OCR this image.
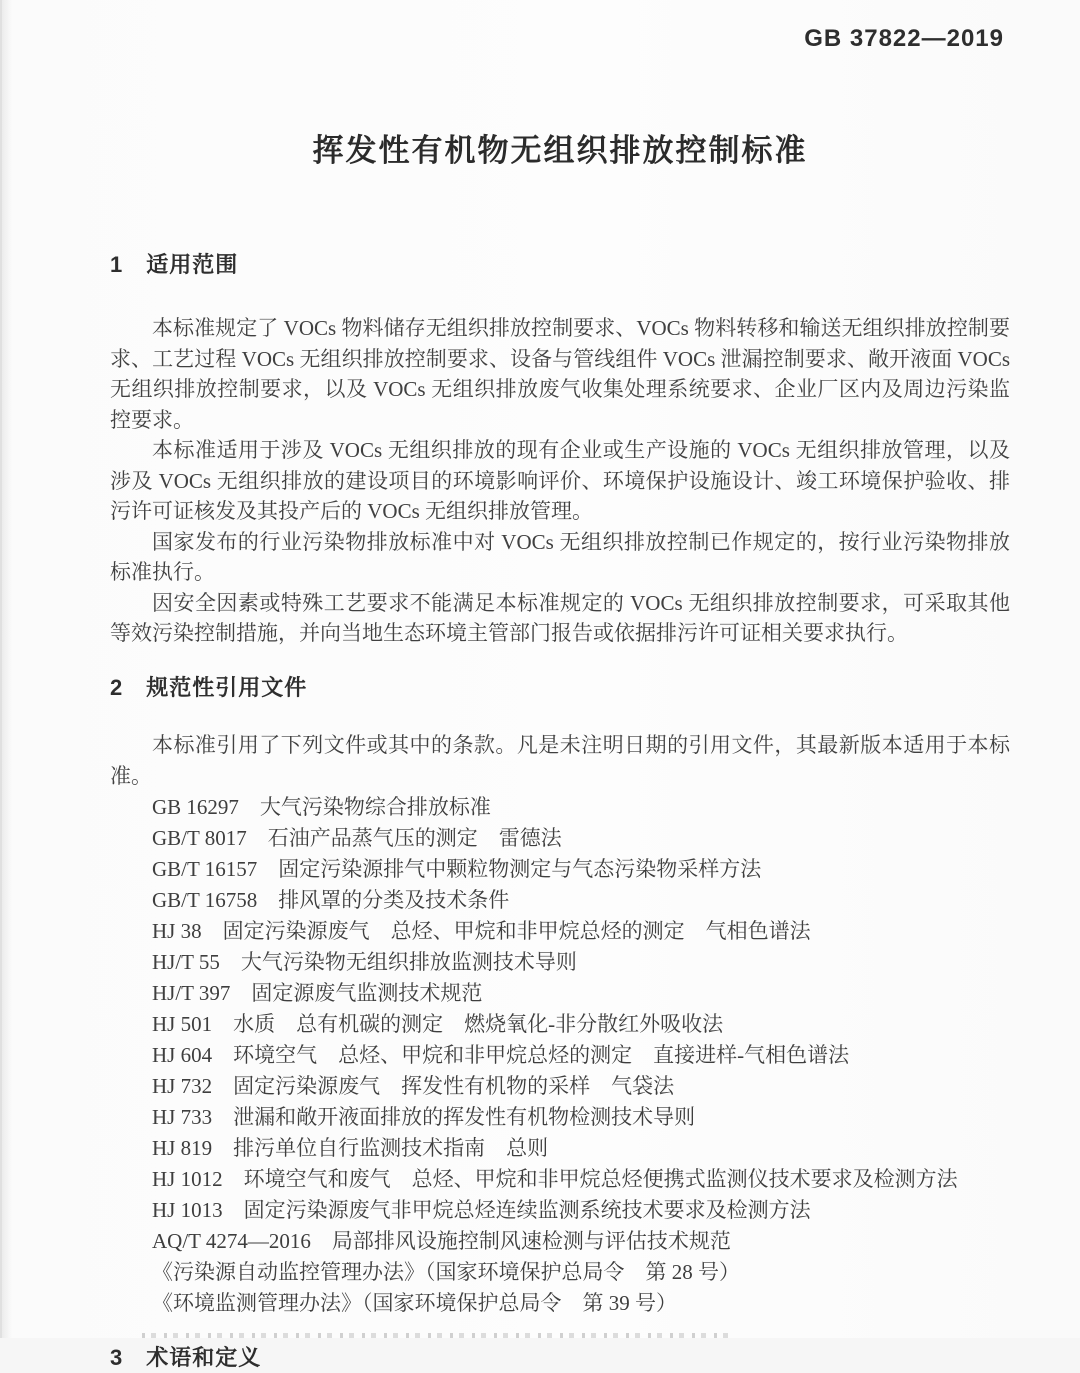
GB 37822—2019
挥发性有机物无组织排放控制标准
1　适用范围

本标准规定了 VOCs 物料储存无组织排放控制要求、VOCs 物料转移和输送无组织排放控制要求、工艺过程 VOCs 无组织排放控制要求、设备与管线组件 VOCs 泄漏控制要求、敞开液面 VOCs 无组织排放控制要求，以及 VOCs 无组织排放废气收集处理系统要求、企业厂区内及周边污染监控要求。

本标准适用于涉及 VOCs 无组织排放的现有企业或生产设施的 VOCs 无组织排放管理，以及涉及 VOCs 无组织排放的建设项目的环境影响评价、环境保护设施设计、竣工环境保护验收、排污许可证核发及其投产后的 VOCs 无组织排放管理。

国家发布的行业污染物排放标准中对 VOCs 无组织排放控制已作规定的，按行业污染物排放标准执行。

因安全因素或特殊工艺要求不能满足本标准规定的 VOCs 无组织排放控制要求，可采取其他等效污染控制措施，并向当地生态环境主管部门报告或依据排污许可证相关要求执行。

2　规范性引用文件

本标准引用了下列文件或其中的条款。凡是未注明日期的引用文件，其最新版本适用于本标准。

GB 16297　大气污染物综合排放标准
GB/T 8017　石油产品蒸气压的测定　雷德法
GB/T 16157　固定污染源排气中颗粒物测定与气态污染物采样方法
GB/T 16758　排风罩的分类及技术条件
HJ 38　固定污染源废气　总烃、甲烷和非甲烷总烃的测定　气相色谱法
HJ/T 55　大气污染物无组织排放监测技术导则
HJ/T 397　固定源废气监测技术规范
HJ 501　水质　总有机碳的测定　燃烧氧化-非分散红外吸收法
HJ 604　环境空气　总烃、甲烷和非甲烷总烃的测定　直接进样-气相色谱法
HJ 732　固定污染源废气　挥发性有机物的采样　气袋法
HJ 733　泄漏和敞开液面排放的挥发性有机物检测技术导则
HJ 819　排污单位自行监测技术指南　总则
HJ 1012　环境空气和废气　总烃、甲烷和非甲烷总烃便携式监测仪技术要求及检测方法
HJ 1013　固定污染源废气非甲烷总烃连续监测系统技术要求及检测方法
AQ/T 4274—2016　局部排风设施控制风速检测与评估技术规范
《污染源自动监控管理办法》（国家环境保护总局令　第 28 号）
《环境监测管理办法》（国家环境保护总局令　第 39 号）
3　术语和定义
